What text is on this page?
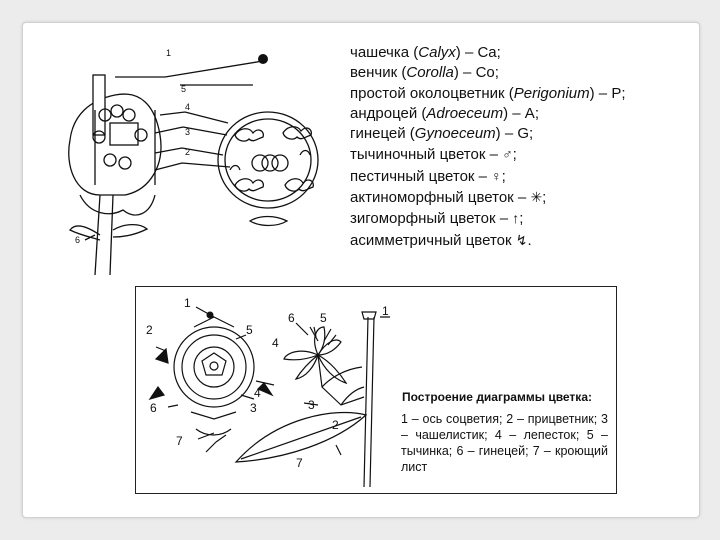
1
5
4
3
2
6
чашечка (Calyx) – Ca;
венчик (Corolla) – Co;
простой околоцветник (Perigonium) – P;
андроцей (Adroeceum) – A;
гинецей (Gynoeceum) – G;
тычиночный цветок – ♂;
пестичный цветок – ♀;
актиноморфный цветок – ✳;
зигоморфный цветок – ↑;
асимметричный цветок ↯.
1
2	5
4
3
6
7
6 5
4
1
2
3
7
Построение диаграммы цветка:
1 – ось соцветия; 2 – прицветник; 3 – чашелистик; 4 – лепесток; 5 – тычинка; 6 – гинецей; 7 – кроющий лист
